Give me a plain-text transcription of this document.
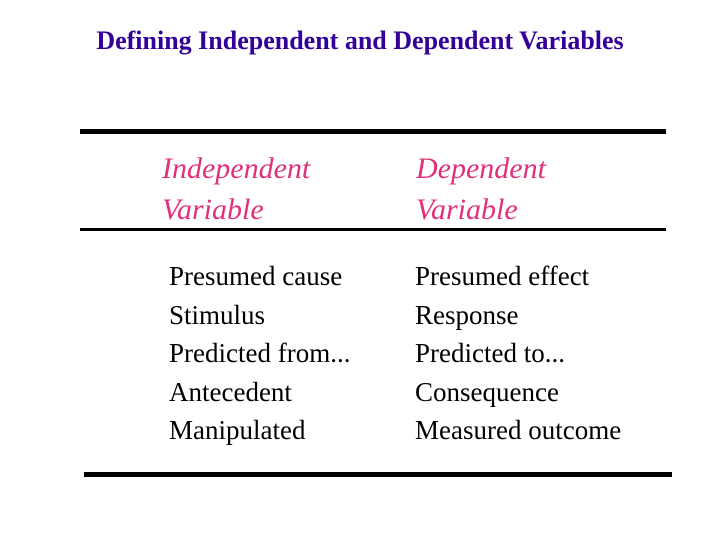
Defining Independent and Dependent Variables
Independent
Variable
Dependent
Variable
Presumed cause
Stimulus
Predicted from...
Antecedent
Manipulated
Presumed effect
Response
Predicted to...
Consequence
Measured outcome
